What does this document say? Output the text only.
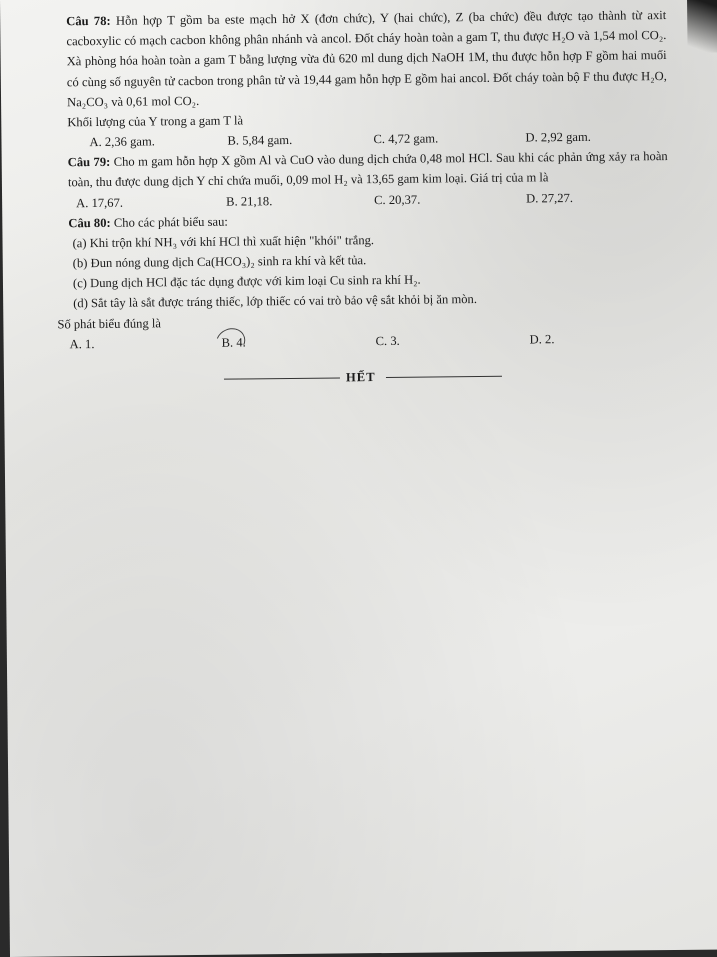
Câu 78: Hỗn hợp T gồm ba este mạch hở X (đơn chức), Y (hai chức), Z (ba chức) đều được tạo thành từ axit cacboxylic có mạch cacbon không phân nhánh và ancol. Đốt cháy hoàn toàn a gam T, thu được H₂O và 1,54 mol CO₂. Xà phòng hóa hoàn toàn a gam T bằng lượng vừa đủ 620 ml dung dịch NaOH 1M, thu được hỗn hợp F gồm hai muối có cùng số nguyên tử cacbon trong phân tử và 19,44 gam hỗn hợp E gồm hai ancol. Đốt cháy toàn bộ F thu được H₂O, Na₂CO₃ và 0,61 mol CO₂.

Khối lượng của Y trong a gam T là

A. 2,36 gam.	B. 5,84 gam.	C. 4,72 gam.	D. 2,92 gam.

Câu 79: Cho m gam hỗn hợp X gồm Al và CuO vào dung dịch chứa 0,48 mol HCl. Sau khi các phản ứng xảy ra hoàn toàn, thu được dung dịch Y chỉ chứa muối, 0,09 mol H₂ và 13,65 gam kim loại. Giá trị của m là

A. 17,67.	B. 21,18.	C. 20,37.	D. 27,27.

Câu 80: Cho các phát biểu sau:

(a) Khi trộn khí NH₃ với khí HCl thì xuất hiện "khói" trắng.

(b) Đun nóng dung dịch Ca(HCO₃)₂ sinh ra khí và kết tủa.

(c) Dung dịch HCl đặc tác dụng được với kim loại Cu sinh ra khí H₂.

(d) Sắt tây là sắt được tráng thiếc, lớp thiếc có vai trò bảo vệ sắt khỏi bị ăn mòn.

Số phát biểu đúng là

A. 1.	B. 4.	C. 3.	D. 2.
HẾT
